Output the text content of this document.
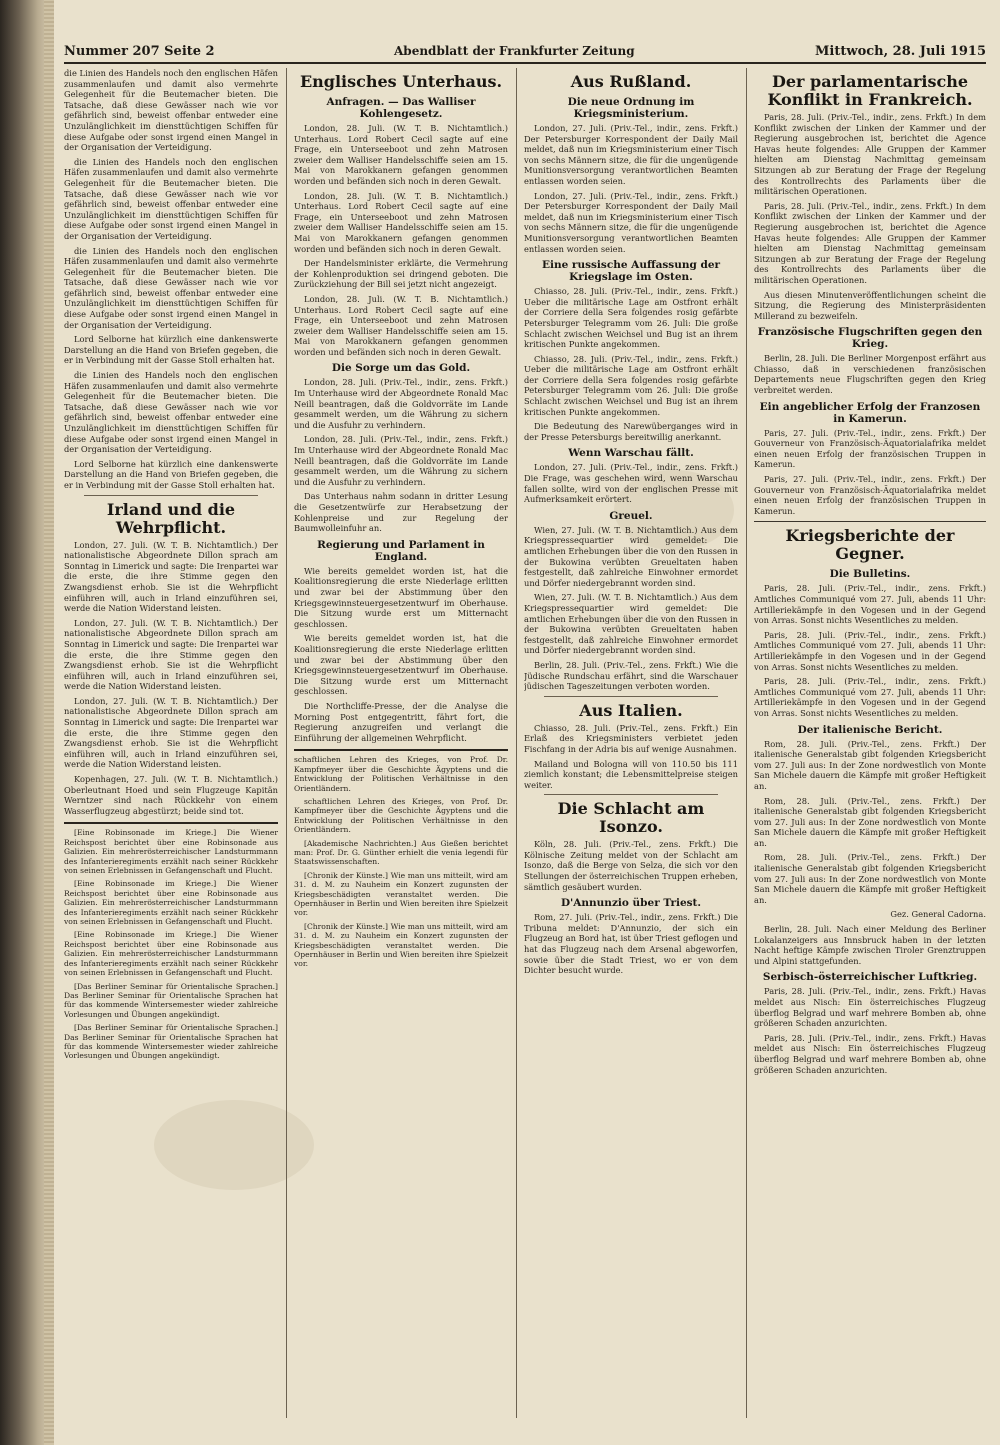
Nummer 207 Seite 2	Abendblatt der Frankfurter Zeitung	Mittwoch, 28. Juli 1915

die Linien des Handels noch den englischen Häfen zusammenlaufen und damit also vermehrte Gelegenheit für die Beutemacher bieten. Die Tatsache, daß diese Gewässer nach wie vor gefährlich sind, beweist offenbar entweder eine Unzulänglichkeit im diensttüchtigen Schiffen für diese Aufgabe oder sonst irgend einen Mangel in der Organisation der Verteidigung.

die Linien des Handels noch den englischen Häfen zusammenlaufen und damit also vermehrte Gelegenheit für die Beutemacher bieten. Die Tatsache, daß diese Gewässer nach wie vor gefährlich sind, beweist offenbar entweder eine Unzulänglichkeit im diensttüchtigen Schiffen für diese Aufgabe oder sonst irgend einen Mangel in der Organisation der Verteidigung.

die Linien des Handels noch den englischen Häfen zusammenlaufen und damit also vermehrte Gelegenheit für die Beutemacher bieten. Die Tatsache, daß diese Gewässer nach wie vor gefährlich sind, beweist offenbar entweder eine Unzulänglichkeit im diensttüchtigen Schiffen für diese Aufgabe oder sonst irgend einen Mangel in der Organisation der Verteidigung.

Lord Selborne hat kürzlich eine dankenswerte Darstellung an die Hand von Briefen gegeben, die er in Verbindung mit der Gasse Stoll erhalten hat.

die Linien des Handels noch den englischen Häfen zusammenlaufen und damit also vermehrte Gelegenheit für die Beutemacher bieten. Die Tatsache, daß diese Gewässer nach wie vor gefährlich sind, beweist offenbar entweder eine Unzulänglichkeit im diensttüchtigen Schiffen für diese Aufgabe oder sonst irgend einen Mangel in der Organisation der Verteidigung.

Lord Selborne hat kürzlich eine dankenswerte Darstellung an die Hand von Briefen gegeben, die er in Verbindung mit der Gasse Stoll erhalten hat.

Irland und die Wehrpflicht.

London, 27. Juli. (W. T. B. Nichtamtlich.) Der nationalistische Abgeordnete Dillon sprach am Sonntag in Limerick und sagte: Die Irenpartei war die erste, die ihre Stimme gegen den Zwangsdienst erhob. Sie ist die Wehrpflicht einführen will, auch in Irland einzuführen sei, werde die Nation Widerstand leisten.

London, 27. Juli. (W. T. B. Nichtamtlich.) Der nationalistische Abgeordnete Dillon sprach am Sonntag in Limerick und sagte: Die Irenpartei war die erste, die ihre Stimme gegen den Zwangsdienst erhob. Sie ist die Wehrpflicht einführen will, auch in Irland einzuführen sei, werde die Nation Widerstand leisten.

London, 27. Juli. (W. T. B. Nichtamtlich.) Der nationalistische Abgeordnete Dillon sprach am Sonntag in Limerick und sagte: Die Irenpartei war die erste, die ihre Stimme gegen den Zwangsdienst erhob. Sie ist die Wehrpflicht einführen will, auch in Irland einzuführen sei, werde die Nation Widerstand leisten.

Kopenhagen, 27. Juli. (W. T. B. Nichtamtlich.) Oberleutnant Hoed und sein Flugzeuge Kapitän Werntzer sind nach Rückkehr von einem Wasserflugzeug abgestürzt; beide sind tot.

[Eine Robinsonade im Kriege.] Die Wiener Reichspost berichtet über eine Robinsonade aus Galizien. Ein mehrerösterreichischer Landsturmmann des Infanterieregiments erzählt nach seiner Rückkehr von seinen Erlebnissen in Gefangenschaft und Flucht.

[Eine Robinsonade im Kriege.] Die Wiener Reichspost berichtet über eine Robinsonade aus Galizien. Ein mehrerösterreichischer Landsturmmann des Infanterieregiments erzählt nach seiner Rückkehr von seinen Erlebnissen in Gefangenschaft und Flucht.

[Eine Robinsonade im Kriege.] Die Wiener Reichspost berichtet über eine Robinsonade aus Galizien. Ein mehrerösterreichischer Landsturmmann des Infanterieregiments erzählt nach seiner Rückkehr von seinen Erlebnissen in Gefangenschaft und Flucht.

[Das Berliner Seminar für Orientalische Sprachen.] Das Berliner Seminar für Orientalische Sprachen hat für das kommende Wintersemester wieder zahlreiche Vorlesungen und Übungen angekündigt.

[Das Berliner Seminar für Orientalische Sprachen.] Das Berliner Seminar für Orientalische Sprachen hat für das kommende Wintersemester wieder zahlreiche Vorlesungen und Übungen angekündigt.

Englisches Unterhaus.
Anfragen. — Das Walliser Kohlengesetz.

London, 28. Juli. (W. T. B. Nichtamtlich.) Unterhaus. Lord Robert Cecil sagte auf eine Frage, ein Unterseeboot und zehn Matrosen zweier dem Walliser Handelsschiffe seien am 15. Mai von Marokkanern gefangen genommen worden und befänden sich noch in deren Gewalt.

London, 28. Juli. (W. T. B. Nichtamtlich.) Unterhaus. Lord Robert Cecil sagte auf eine Frage, ein Unterseeboot und zehn Matrosen zweier dem Walliser Handelsschiffe seien am 15. Mai von Marokkanern gefangen genommen worden und befänden sich noch in deren Gewalt.

Der Handelsminister erklärte, die Vermehrung der Kohlenproduktion sei dringend geboten. Die Zurückziehung der Bill sei jetzt nicht angezeigt.

London, 28. Juli. (W. T. B. Nichtamtlich.) Unterhaus. Lord Robert Cecil sagte auf eine Frage, ein Unterseeboot und zehn Matrosen zweier dem Walliser Handelsschiffe seien am 15. Mai von Marokkanern gefangen genommen worden und befänden sich noch in deren Gewalt.

Die Sorge um das Gold.

London, 28. Juli. (Priv.-Tel., indir., zens. Frkft.) Im Unterhause wird der Abgeordnete Ronald Mac Neill beantragen, daß die Goldvorräte im Lande gesammelt werden, um die Währung zu sichern und die Ausfuhr zu verhindern.

London, 28. Juli. (Priv.-Tel., indir., zens. Frkft.) Im Unterhause wird der Abgeordnete Ronald Mac Neill beantragen, daß die Goldvorräte im Lande gesammelt werden, um die Währung zu sichern und die Ausfuhr zu verhindern.

Das Unterhaus nahm sodann in dritter Lesung die Gesetzentwürfe zur Herabsetzung der Kohlenpreise und zur Regelung der Baumwolleinfuhr an.

Regierung und Parlament in England.

Wie bereits gemeldet worden ist, hat die Koalitionsregierung die erste Niederlage erlitten und zwar bei der Abstimmung über den Kriegsgewinnsteuergesetzentwurf im Oberhause. Die Sitzung wurde erst um Mitternacht geschlossen.

Wie bereits gemeldet worden ist, hat die Koalitionsregierung die erste Niederlage erlitten und zwar bei der Abstimmung über den Kriegsgewinnsteuergesetzentwurf im Oberhause. Die Sitzung wurde erst um Mitternacht geschlossen.

Die Northcliffe-Presse, der die Analyse die Morning Post entgegentritt, fährt fort, die Regierung anzugreifen und verlangt die Einführung der allgemeinen Wehrpflicht.

schaftlichen Lehren des Krieges, von Prof. Dr. Kampfmeyer über die Geschichte Ägyptens und die Entwicklung der Politischen Verhältnisse in den Orientländern.

schaftlichen Lehren des Krieges, von Prof. Dr. Kampfmeyer über die Geschichte Ägyptens und die Entwicklung der Politischen Verhältnisse in den Orientländern.

[Akademische Nachrichten.] Aus Gießen berichtet man: Prof. Dr. G. Günther erhielt die venia legendi für Staatswissenschaften.

[Chronik der Künste.] Wie man uns mitteilt, wird am 31. d. M. zu Nauheim ein Konzert zugunsten der Kriegsbeschädigten veranstaltet werden. Die Opernhäuser in Berlin und Wien bereiten ihre Spielzeit vor.

[Chronik der Künste.] Wie man uns mitteilt, wird am 31. d. M. zu Nauheim ein Konzert zugunsten der Kriegsbeschädigten veranstaltet werden. Die Opernhäuser in Berlin und Wien bereiten ihre Spielzeit vor.

Aus Rußland.
Die neue Ordnung im Kriegsministerium.

London, 27. Juli. (Priv.-Tel., indir., zens. Frkft.) Der Petersburger Korrespondent der Daily Mail meldet, daß nun im Kriegsministerium einer Tisch von sechs Männern sitze, die für die ungenügende Munitionsversorgung verantwortlichen Beamten entlassen worden seien.

London, 27. Juli. (Priv.-Tel., indir., zens. Frkft.) Der Petersburger Korrespondent der Daily Mail meldet, daß nun im Kriegsministerium einer Tisch von sechs Männern sitze, die für die ungenügende Munitionsversorgung verantwortlichen Beamten entlassen worden seien.

Eine russische Auffassung der Kriegslage im Osten.

Chiasso, 28. Juli. (Priv.-Tel., indir., zens. Frkft.) Ueber die militärische Lage am Ostfront erhält der Corriere della Sera folgendes rosig gefärbte Petersburger Telegramm vom 26. Juli: Die große Schlacht zwischen Weichsel und Bug ist an ihrem kritischen Punkte angekommen.

Chiasso, 28. Juli. (Priv.-Tel., indir., zens. Frkft.) Ueber die militärische Lage am Ostfront erhält der Corriere della Sera folgendes rosig gefärbte Petersburger Telegramm vom 26. Juli: Die große Schlacht zwischen Weichsel und Bug ist an ihrem kritischen Punkte angekommen.

Die Bedeutung des Narewüberganges wird in der Presse Petersburgs bereitwillig anerkannt.

Wenn Warschau fällt.

London, 27. Juli. (Priv.-Tel., indir., zens. Frkft.) Die Frage, was geschehen wird, wenn Warschau fallen sollte, wird von der englischen Presse mit Aufmerksamkeit erörtert.

Greuel.

Wien, 27. Juli. (W. T. B. Nichtamtlich.) Aus dem Kriegspressequartier wird gemeldet: Die amtlichen Erhebungen über die von den Russen in der Bukowina verübten Greueltaten haben festgestellt, daß zahlreiche Einwohner ermordet und Dörfer niedergebrannt worden sind.

Wien, 27. Juli. (W. T. B. Nichtamtlich.) Aus dem Kriegspressequartier wird gemeldet: Die amtlichen Erhebungen über die von den Russen in der Bukowina verübten Greueltaten haben festgestellt, daß zahlreiche Einwohner ermordet und Dörfer niedergebrannt worden sind.

Berlin, 28. Juli. (Priv.-Tel., zens. Frkft.) Wie die Jüdische Rundschau erfährt, sind die Warschauer jüdischen Tageszeitungen verboten worden.

Aus Italien.

Chiasso, 28. Juli. (Priv.-Tel., zens. Frkft.) Ein Erlaß des Kriegsministers verbietet jeden Fischfang in der Adria bis auf wenige Ausnahmen.

Mailand und Bologna will von 110.50 bis 111 ziemlich konstant; die Lebensmittelpreise steigen weiter.

Die Schlacht am Isonzo.

Köln, 28. Juli. (Priv.-Tel., zens. Frkft.) Die Kölnische Zeitung meldet von der Schlacht am Isonzo, daß die Berge von Selza, die sich vor den Stellungen der österreichischen Truppen erheben, sämtlich gesäubert wurden.

D'Annunzio über Triest.

Rom, 27. Juli. (Priv.-Tel., indir., zens. Frkft.) Die Tribuna meldet: D'Annunzio, der sich ein Flugzeug an Bord hat, ist über Triest geflogen und hat das Flugzeug nach dem Arsenal abgeworfen, sowie über die Stadt Triest, wo er von dem Dichter besucht wurde.

Der parlamentarische Konflikt in Frankreich.

Paris, 28. Juli. (Priv.-Tel., indir., zens. Frkft.) In dem Konflikt zwischen der Linken der Kammer und der Regierung ausgebrochen ist, berichtet die Agence Havas heute folgendes: Alle Gruppen der Kammer hielten am Dienstag Nachmittag gemeinsam Sitzungen ab zur Beratung der Frage der Regelung des Kontrollrechts des Parlaments über die militärischen Operationen.

Paris, 28. Juli. (Priv.-Tel., indir., zens. Frkft.) In dem Konflikt zwischen der Linken der Kammer und der Regierung ausgebrochen ist, berichtet die Agence Havas heute folgendes: Alle Gruppen der Kammer hielten am Dienstag Nachmittag gemeinsam Sitzungen ab zur Beratung der Frage der Regelung des Kontrollrechts des Parlaments über die militärischen Operationen.

Aus diesen Minutenveröffentlichungen scheint die Sitzung, die Regierung des Ministerpräsidenten Millerand zu bezweifeln.

Französische Flugschriften gegen den Krieg.

Berlin, 28. Juli. Die Berliner Morgenpost erfährt aus Chiasso, daß in verschiedenen französischen Departements neue Flugschriften gegen den Krieg verbreitet werden.

Ein angeblicher Erfolg der Franzosen in Kamerun.

Paris, 27. Juli. (Priv.-Tel., indir., zens. Frkft.) Der Gouverneur von Französisch-Äquatorialafrika meldet einen neuen Erfolg der französischen Truppen in Kamerun.

Paris, 27. Juli. (Priv.-Tel., indir., zens. Frkft.) Der Gouverneur von Französisch-Äquatorialafrika meldet einen neuen Erfolg der französischen Truppen in Kamerun.

Kriegsberichte der Gegner.
Die Bulletins.

Paris, 28. Juli. (Priv.-Tel., indir., zens. Frkft.) Amtliches Communiqué vom 27. Juli, abends 11 Uhr: Artilleriekämpfe in den Vogesen und in der Gegend von Arras. Sonst nichts Wesentliches zu melden.

Paris, 28. Juli. (Priv.-Tel., indir., zens. Frkft.) Amtliches Communiqué vom 27. Juli, abends 11 Uhr: Artilleriekämpfe in den Vogesen und in der Gegend von Arras. Sonst nichts Wesentliches zu melden.

Paris, 28. Juli. (Priv.-Tel., indir., zens. Frkft.) Amtliches Communiqué vom 27. Juli, abends 11 Uhr: Artilleriekämpfe in den Vogesen und in der Gegend von Arras. Sonst nichts Wesentliches zu melden.

Der italienische Bericht.

Rom, 28. Juli. (Priv.-Tel., zens. Frkft.) Der italienische Generalstab gibt folgenden Kriegsbericht vom 27. Juli aus: In der Zone nordwestlich von Monte San Michele dauern die Kämpfe mit großer Heftigkeit an.

Rom, 28. Juli. (Priv.-Tel., zens. Frkft.) Der italienische Generalstab gibt folgenden Kriegsbericht vom 27. Juli aus: In der Zone nordwestlich von Monte San Michele dauern die Kämpfe mit großer Heftigkeit an.

Rom, 28. Juli. (Priv.-Tel., zens. Frkft.) Der italienische Generalstab gibt folgenden Kriegsbericht vom 27. Juli aus: In der Zone nordwestlich von Monte San Michele dauern die Kämpfe mit großer Heftigkeit an.

Gez. General Cadorna.

Berlin, 28. Juli. Nach einer Meldung des Berliner Lokalanzeigers aus Innsbruck haben in der letzten Nacht heftige Kämpfe zwischen Tiroler Grenztruppen und Alpini stattgefunden.

Serbisch-österreichischer Luftkrieg.

Paris, 28. Juli. (Priv.-Tel., indir., zens. Frkft.) Havas meldet aus Nisch: Ein österreichisches Flugzeug überflog Belgrad und warf mehrere Bomben ab, ohne größeren Schaden anzurichten.

Paris, 28. Juli. (Priv.-Tel., indir., zens. Frkft.) Havas meldet aus Nisch: Ein österreichisches Flugzeug überflog Belgrad und warf mehrere Bomben ab, ohne größeren Schaden anzurichten.
